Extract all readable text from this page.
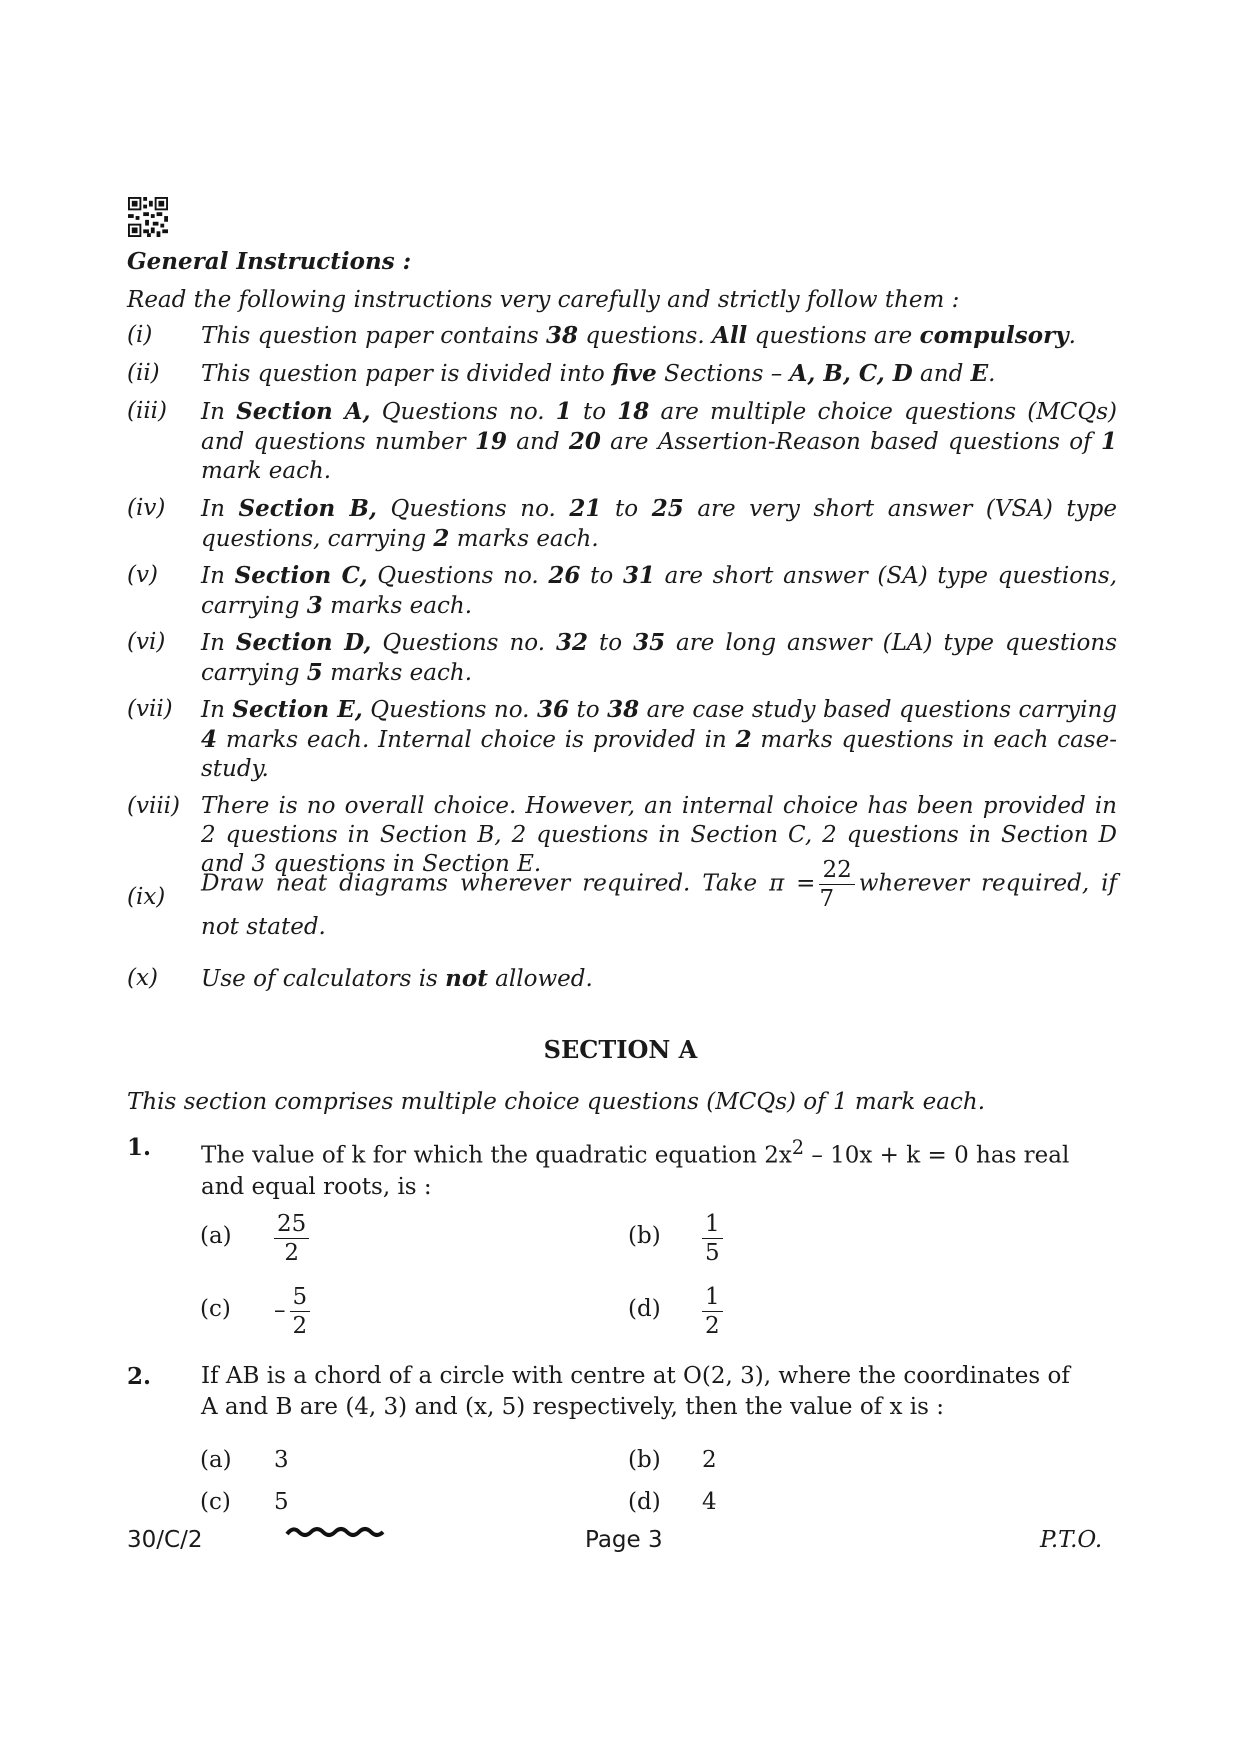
General Instructions :
Read the following instructions very carefully and strictly follow them :
(i)	This question paper contains 38 questions. All questions are compulsory.
(ii)	This question paper is divided into five Sections – A, B, C, D and E.
(iii)	In Section A, Questions no. 1 to 18 are multiple choice questions (MCQs) and questions number 19 and 20 are Assertion-Reason based questions of 1 mark each.
(iv)	In Section B, Questions no. 21 to 25 are very short answer (VSA) type questions, carrying 2 marks each.
(v)	In Section C, Questions no. 26 to 31 are short answer (SA) type questions, carrying 3 marks each.
(vi)	In Section D, Questions no. 32 to 35 are long answer (LA) type questions carrying 5 marks each.
(vii)	In Section E, Questions no. 36 to 38 are case study based questions carrying 4 marks each. Internal choice is provided in 2 marks questions in each case-study.
(viii) There is no overall choice. However, an internal choice has been provided in 2 questions in Section B, 2 questions in Section C, 2 questions in Section D and 3 questions in Section E.
(ix)
Draw neat diagrams wherever required. Take $\pi = \frac{22}{7}$ wherever required, if not stated.
(x)	Use of calculators is not allowed.
SECTION A
This section comprises multiple choice questions (MCQs) of 1 mark each.
1. The value of k for which the quadratic equation $2x^2 - 10x + k = 0$ has real and equal roots, is :
$(a) \frac{25}{2}$	$(b) \frac{1}{5}$
$(c) - \frac{5}{2}$	$(d) \frac{1}{2}$
2. If AB is a chord of a circle with centre at O(2, 3), where the coordinates of A and B are (4, 3) and (x, 5) respectively, then the value of x is :
(a) 3	(b) 2
(c) 5	(d) 4
30/C/2	Page 3	P.T.O.
